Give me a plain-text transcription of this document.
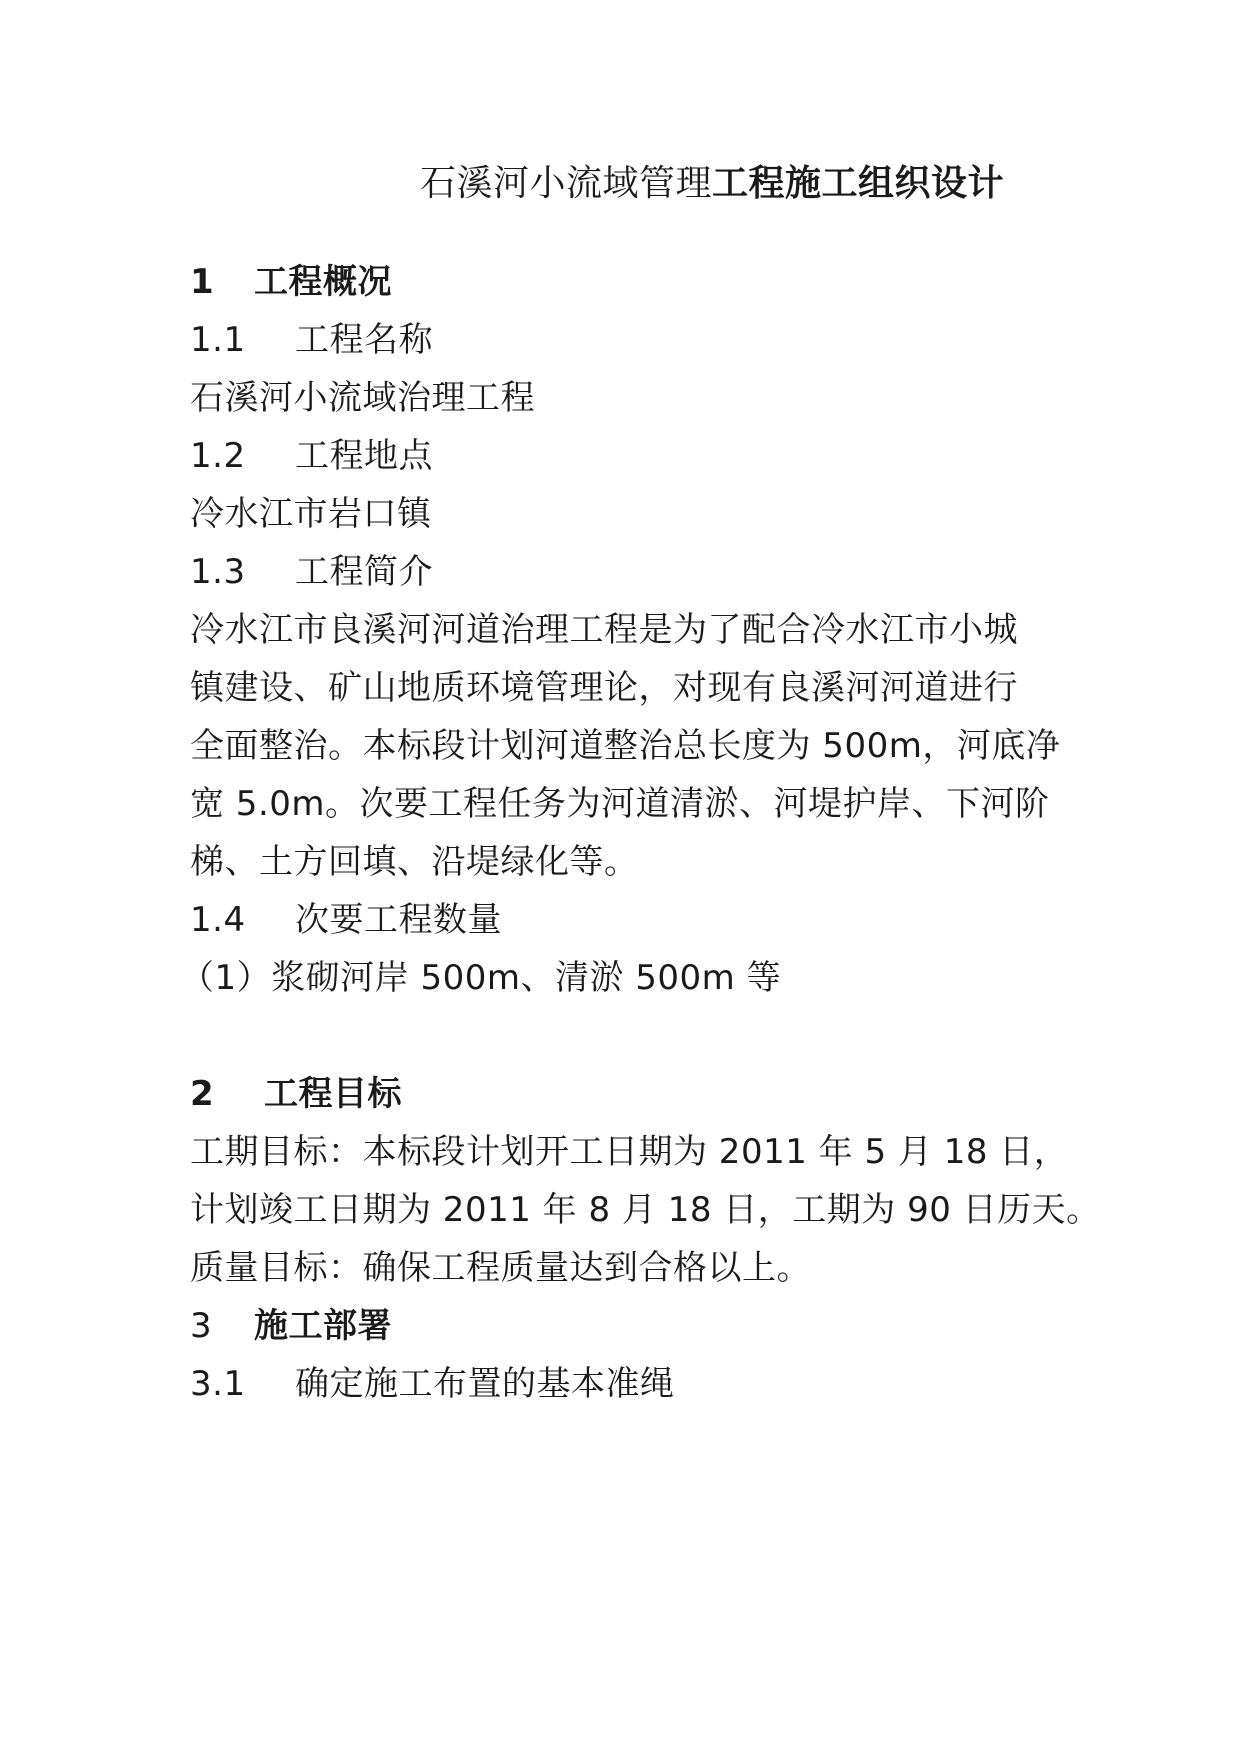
石溪河小流域管理工程施工组织设计
1 工程概况
1.1 工程名称
石溪河小流域治理工程
1.2 工程地点
冷水江市岩口镇
1.3 工程简介
冷水江市良溪河河道治理工程是为了配合冷水江市小城
镇建设、矿山地质环境管理论，对现有良溪河河道进行
全面整治。本标段计划河道整治总长度为 500m，河底净
宽 5.0m。次要工程任务为河道清淤、河堤护岸、下河阶
梯、土方回填、沿堤绿化等。
1.4 次要工程数量
（1）浆砌河岸 500m、清淤 500m 等
2 工程目标
工期目标：本标段计划开工日期为 2011 年 5 月 18 日，
计划竣工日期为 2011 年 8 月 18 日，工期为 90 日历天。
质量目标：确保工程质量达到合格以上。
3 施工部署
3.1 确定施工布置的基本准绳
